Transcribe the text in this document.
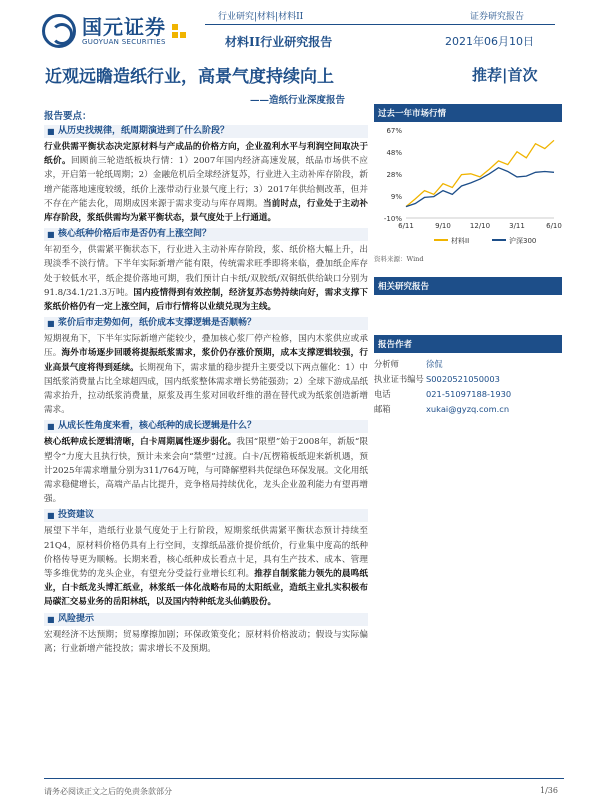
国元证券
GUOYUAN SECURITIES
行业研究|材料|材料II	证券研究报告
材料II行业研究报告	2021年06月10日
近观远瞻造纸行业，高景气度持续向上
——造纸行业深度报告
推荐|首次
报告要点：
■ 从历史找规律，纸周期演进到了什么阶段？
行业供需平衡状态决定原材料与产成品的价格方向，企业盈利水平与利润空间取决于纸价。回顾前三轮造纸板块行情：1）2007年国内经济高速发展，纸品市场供不应求，开启第一轮纸周期；2）金融危机后全球经济复苏，行业进入主动补库存阶段，新增产能落地速度较缓，纸价上涨带动行业景气度上行；3）2017年供给侧改革，但并不存在产能去化，周期成因来源于需求变动与库存周期。当前时点，行业处于主动补库存阶段，浆纸供需均为紧平衡状态，景气度处于上行通道。
■ 核心纸种价格后市是否仍有上涨空间？
年初至今，供需紧平衡状态下，行业进入主动补库存阶段，浆、纸价格大幅上升，出现淡季不淡行情。下半年实际新增产能有限，传统需求旺季即将来临，叠加纸企库存处于较低水平，纸企提价落地可期，我们预计白卡纸/双胶纸/双铜纸供给缺口分别为91.8/34.1/21.3万吨。国内疫情得到有效控制，经济复苏态势持续向好，需求支撑下浆纸价格仍有一定上涨空间，后市行情将以业绩兑现为主线。
■ 浆价后市走势如何，纸价成本支撑逻辑是否顺畅？
短期视角下，下半年实际新增产能较少，叠加核心浆厂停产检修，国内木浆供应或承压。海外市场逐步回暖将提振纸浆需求，浆价仍存涨价预期，成本支撑逻辑较强，行业高景气度将得到延续。长期视角下，需求量的稳步提升主要受以下两点催化：1）中国纸浆消费量占比全球超四成，国内纸浆整体需求增长势能强劲；2）全球下游成品纸需求抬升，拉动纸浆消费量，原浆及再生浆对回收纤维的潜在替代或为纸浆创造新增需求。
■ 从成长性角度来看，核心纸种的成长逻辑是什么？
核心纸种成长逻辑清晰，白卡周期属性逐步弱化。我国“限塑”始于2008年，新版“限塑令”力度大且执行快，预计未来会向“禁塑”过渡。白卡/瓦楞箱板纸迎来新机遇，预计2025年需求增量分别为311/764万吨，与可降解塑料共促绿色环保发展。文化用纸需求稳健增长，高端产品占比提升，竞争格局持续优化，龙头企业盈利能力有望再增强。
■ 投资建议
展望下半年，造纸行业景气度处于上行阶段，短期浆纸供需紧平衡状态预计持续至21Q4，原材料价格仍具有上行空间，支撑纸品涨价提价纸价，行业集中度高的纸种价格传导更为顺畅。长期来看，核心纸种成长看点十足，具有生产技术、成本、管理等多维优势的龙头企业，有望充分受益行业增长红利。推荐自制浆能力领先的晨鸣纸业，白卡纸龙头博汇纸业，林浆纸一体化战略布局的太阳纸业，造纸主业扎实积极布局碳汇交易业务的岳阳林纸，以及国内特种纸龙头仙鹤股份。
■ 风险提示
宏观经济不达预期；贸易摩擦加剧；环保政策变化；原材料价格波动；假设与实际偏离；行业新增产能投放；需求增长不及预期。
过去一年市场行情
67%
48%
28%
9%
-10%
6/11	9/10	12/10	3/11	6/10
材料II	沪深300
资料来源：Wind
相关研究报告
报告作者
分析师	徐侃
执业证书编号 S0020521050003
电话	021-51097188-1930
邮箱	xukai@gyzq.com.cn
请务必阅读正文之后的免责条款部分	1/36
